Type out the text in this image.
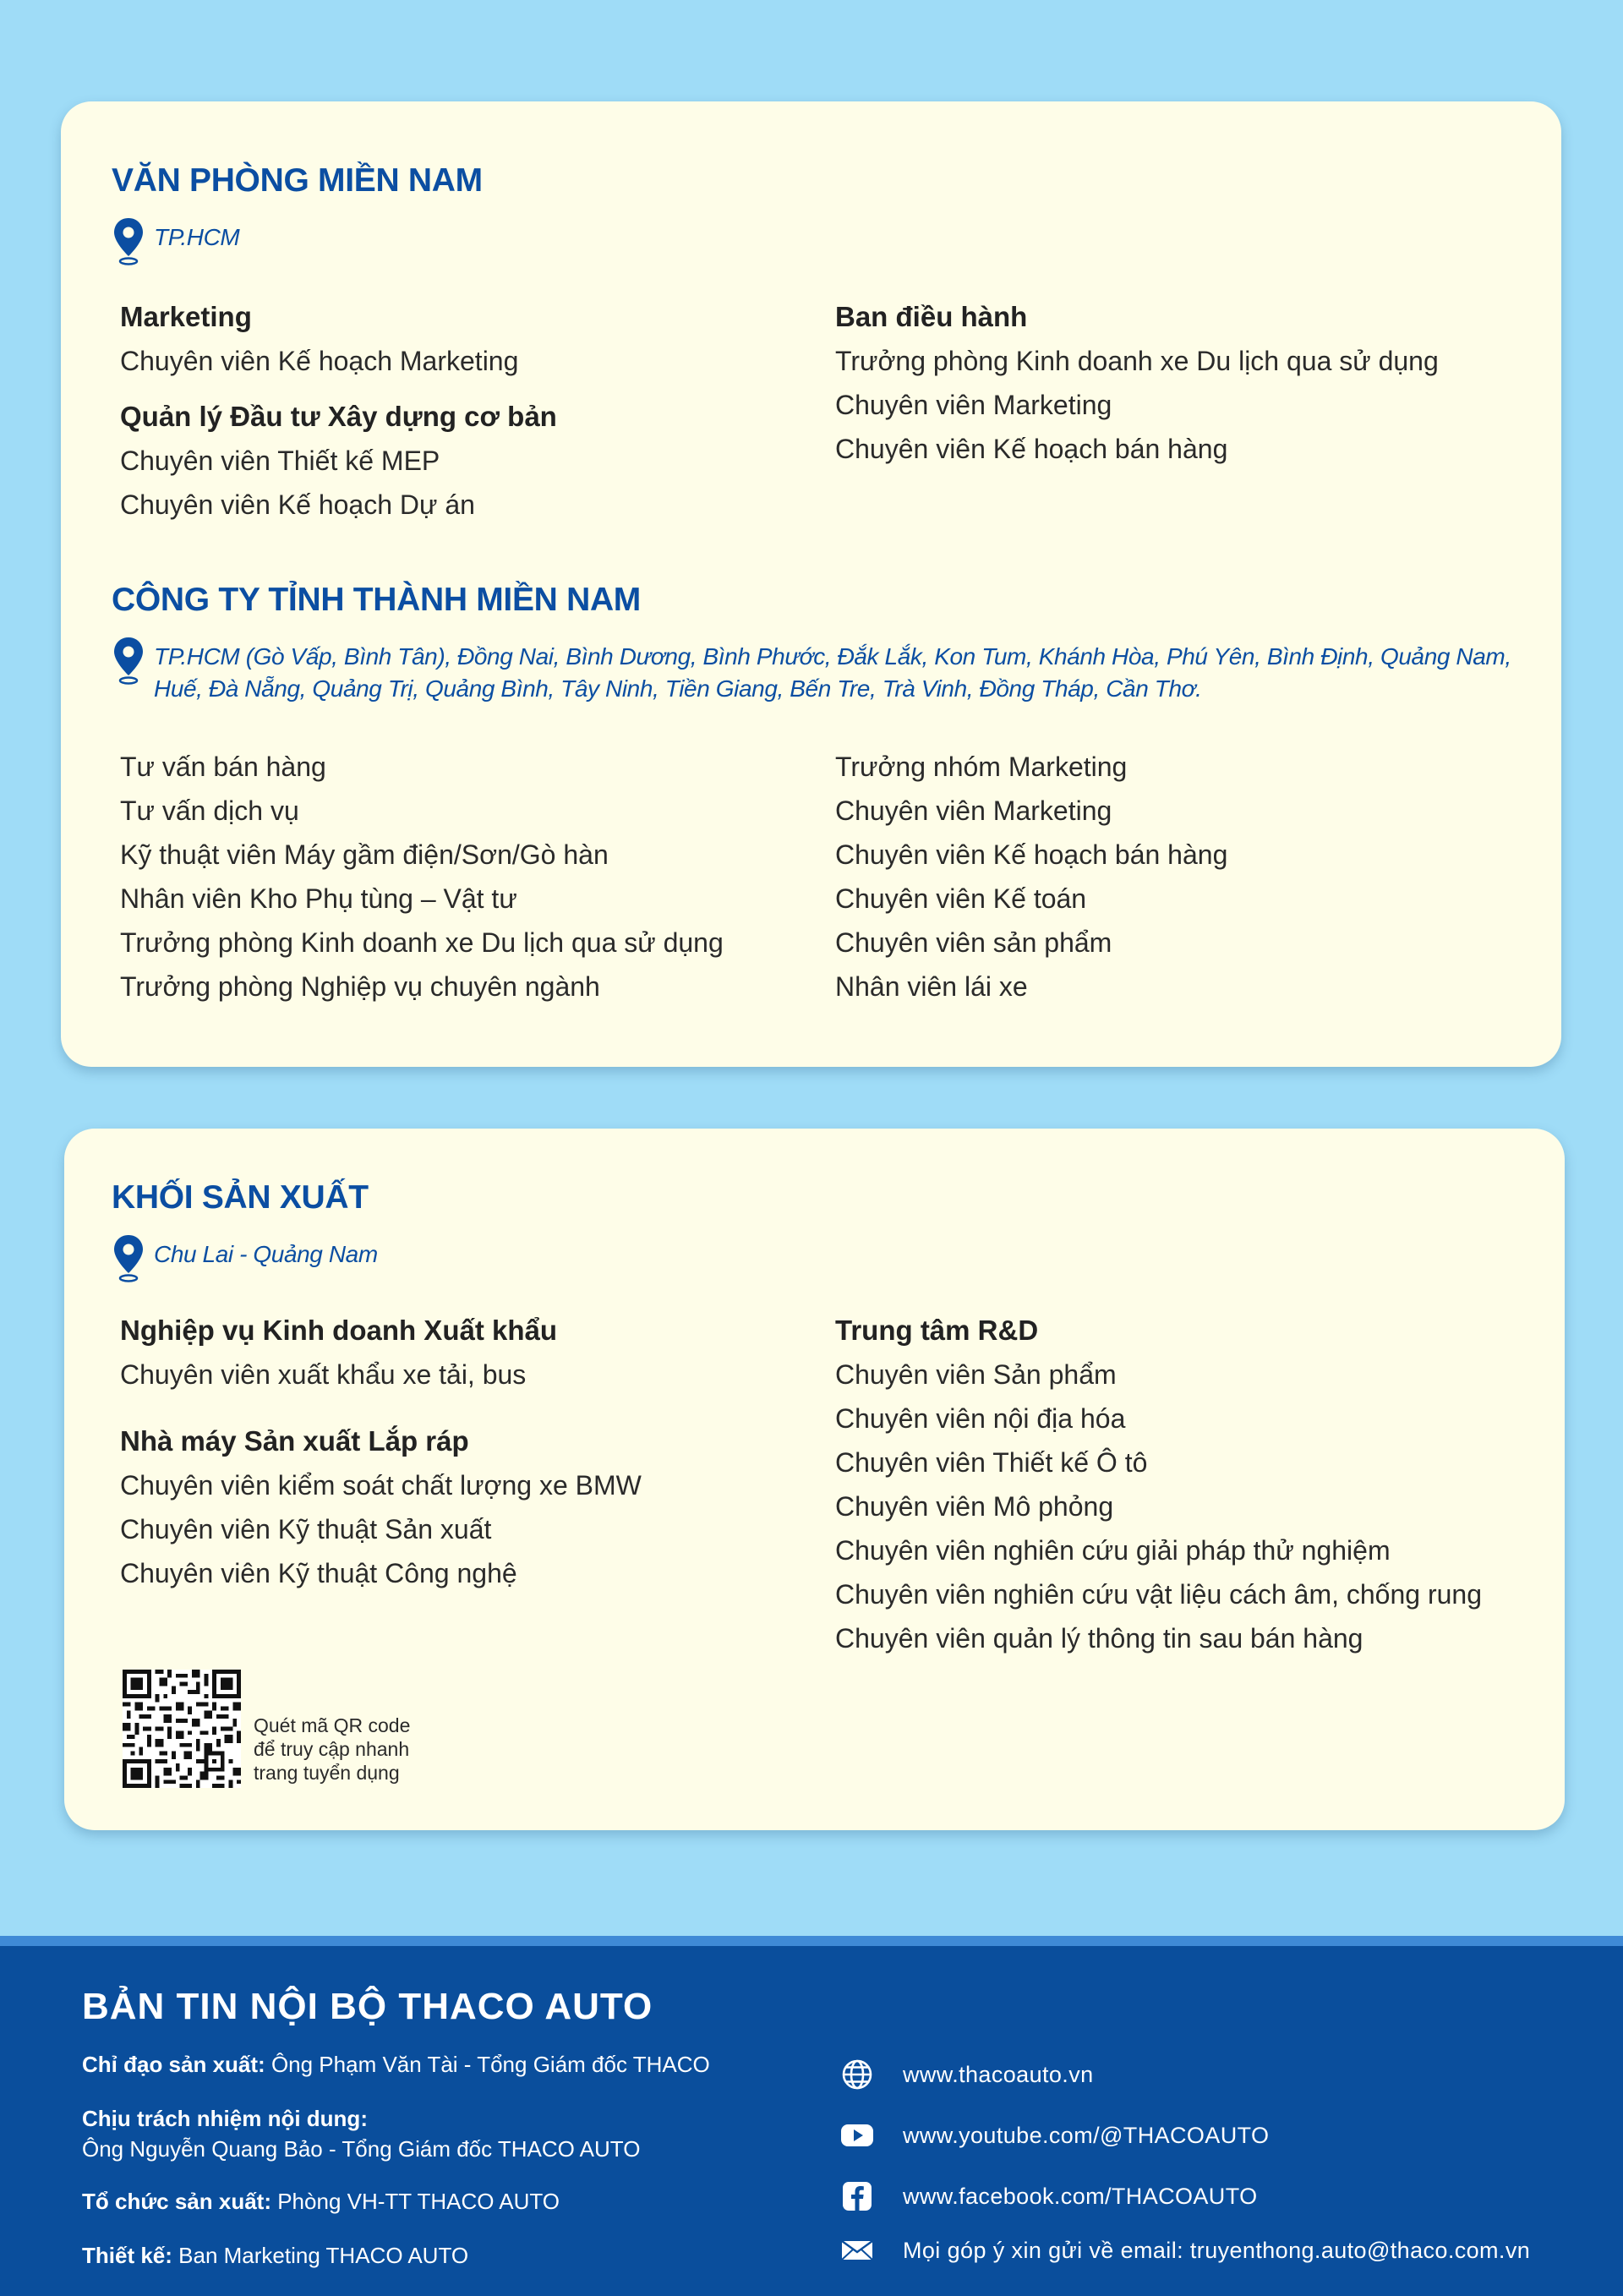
VĂN PHÒNG MIỀN NAM
TP.HCM
Marketing
Chuyên viên Kế hoạch Marketing
Quản lý Đầu tư Xây dựng cơ bản
Chuyên viên Thiết kế MEP
Chuyên viên Kế hoạch Dự án
Ban điều hành
Trưởng phòng Kinh doanh xe Du lịch qua sử dụng
Chuyên viên Marketing
Chuyên viên Kế hoạch bán hàng
CÔNG TY TỈNH THÀNH MIỀN NAM
TP.HCM (Gò Vấp, Bình Tân), Đồng Nai, Bình Dương, Bình Phước, Đắk Lắk, Kon Tum, Khánh Hòa, Phú Yên, Bình Định, Quảng Nam, Huế, Đà Nẵng, Quảng Trị, Quảng Bình, Tây Ninh, Tiền Giang, Bến Tre, Trà Vinh, Đồng Tháp, Cần Thơ.
Tư vấn bán hàng
Tư vấn dịch vụ
Kỹ thuật viên Máy gầm điện/Sơn/Gò hàn
Nhân viên Kho Phụ tùng – Vật tư
Trưởng phòng Kinh doanh xe Du lịch qua sử dụng
Trưởng phòng Nghiệp vụ chuyên ngành
Trưởng nhóm Marketing
Chuyên viên Marketing
Chuyên viên Kế hoạch bán hàng
Chuyên viên Kế toán
Chuyên viên sản phẩm
Nhân viên lái xe
KHỐI SẢN XUẤT
Chu Lai - Quảng Nam
Nghiệp vụ Kinh doanh Xuất khẩu
Chuyên viên xuất khẩu xe tải, bus
Nhà máy Sản xuất Lắp ráp
Chuyên viên kiểm soát chất lượng xe BMW
Chuyên viên Kỹ thuật Sản xuất
Chuyên viên Kỹ thuật Công nghệ
Trung tâm R&D
Chuyên viên Sản phẩm
Chuyên viên nội địa hóa
Chuyên viên Thiết kế Ô tô
Chuyên viên Mô phỏng
Chuyên viên nghiên cứu giải pháp thử nghiệm
Chuyên viên nghiên cứu vật liệu cách âm, chống rung
Chuyên viên quản lý thông tin sau bán hàng
Quét mã QR code
để truy cập nhanh
trang tuyển dụng
BẢN TIN NỘI BỘ THACO AUTO
Chỉ đạo sản xuất: Ông Phạm Văn Tài - Tổng Giám đốc THACO
Chịu trách nhiệm nội dung:
Ông Nguyễn Quang Bảo - Tổng Giám đốc THACO AUTO
Tổ chức sản xuất: Phòng VH-TT THACO AUTO
Thiết kế: Ban Marketing THACO AUTO
www.thacoauto.vn
www.youtube.com/@THACOAUTO
www.facebook.com/THACOAUTO
Mọi góp ý xin gửi về email: truyenthong.auto@thaco.com.vn
